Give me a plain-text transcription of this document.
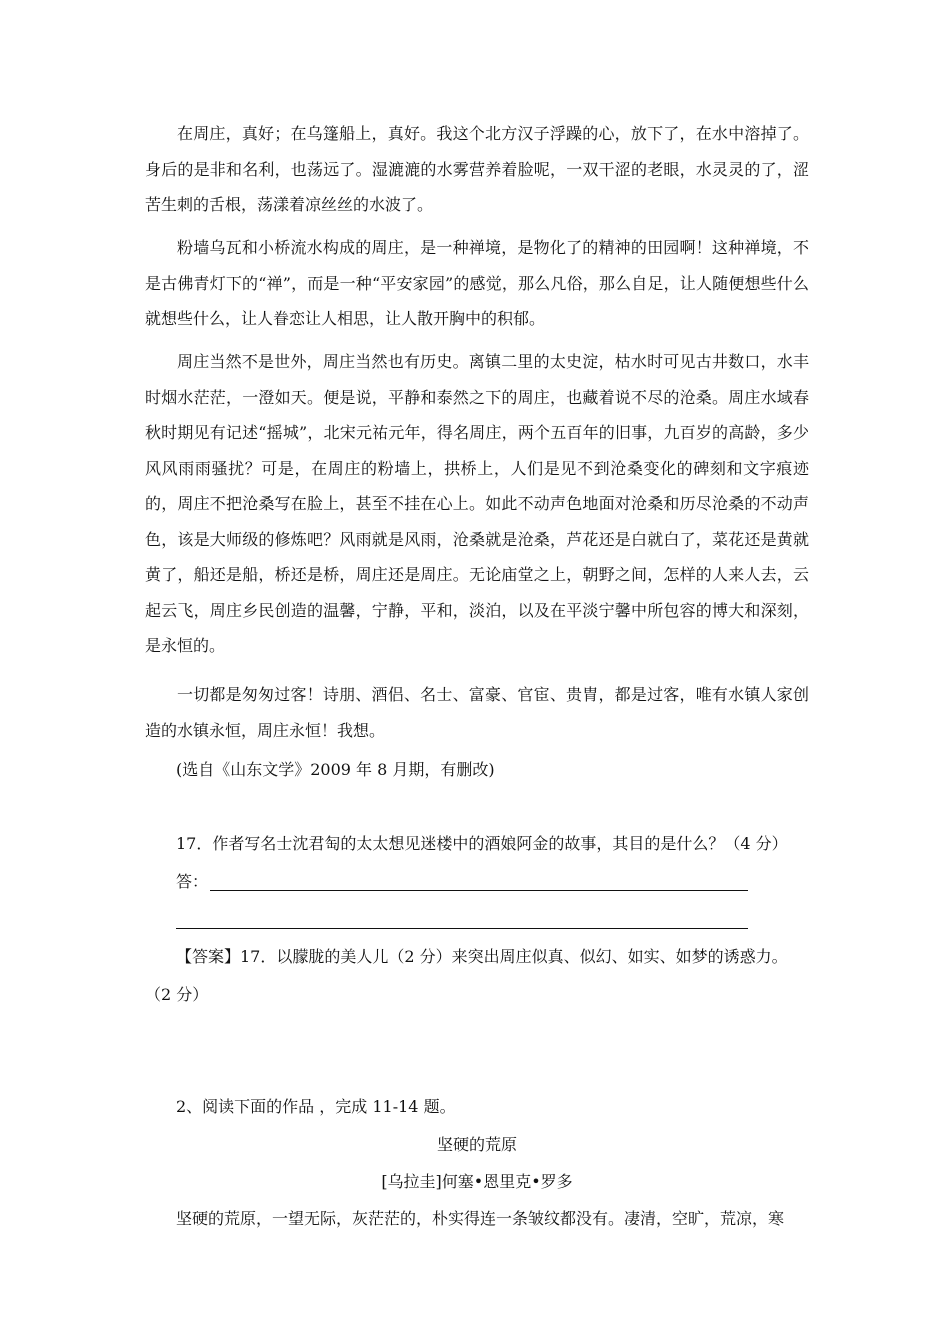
在周庄，真好；在乌篷船上，真好。我这个北方汉子浮躁的心，放下了，在水中溶掉了。身后的是非和名利，也荡远了。湿漉漉的水雾营养着脸呢，一双干涩的老眼，水灵灵的了，涩苦生刺的舌根，荡漾着凉丝丝的水波了。

粉墙乌瓦和小桥流水构成的周庄，是一种禅境，是物化了的精神的田园啊！这种禅境，不是古佛青灯下的“禅”，而是一种“平安家园”的感觉，那么凡俗，那么自足，让人随便想些什么就想些什么，让人眷恋让人相思，让人散开胸中的积郁。

周庄当然不是世外，周庄当然也有历史。离镇二里的太史淀，枯水时可见古井数口，水丰时烟水茫茫，一澄如天。便是说，平静和泰然之下的周庄，也藏着说不尽的沧桑。周庄水域春秋时期见有记述“摇城”，北宋元祐元年，得名周庄，两个五百年的旧事，九百岁的高龄，多少风风雨雨骚扰？可是，在周庄的粉墙上，拱桥上，人们是见不到沧桑变化的碑刻和文字痕迹的，周庄不把沧桑写在脸上，甚至不挂在心上。如此不动声色地面对沧桑和历尽沧桑的不动声色，该是大师级的修炼吧？风雨就是风雨，沧桑就是沧桑，芦花还是白就白了，菜花还是黄就黄了，船还是船，桥还是桥，周庄还是周庄。无论庙堂之上，朝野之间，怎样的人来人去，云起云飞，周庄乡民创造的温馨，宁静，平和，淡泊，以及在平淡宁馨中所包容的博大和深刻，是永恒的。

一切都是匆匆过客！诗朋、酒侣、名士、富豪、官宦、贵胄，都是过客，唯有水镇人家创造的水镇永恒，周庄永恒！我想。

(选自《山东文学》2009 年 8 月期，有删改)

17．作者写名士沈君匋的太太想见迷楼中的酒娘阿金的故事，其目的是什么？（4 分）

答：

【答案】17．以朦胧的美人儿（2 分）来突出周庄似真、似幻、如实、如梦的诱惑力。

（2 分）

2、阅读下面的作品 ，完成 11-14 题。

坚硬的荒原
[乌拉圭]何塞•恩里克•罗多

坚硬的荒原，一望无际，灰茫茫的，朴实得连一条皱纹都没有。凄清，空旷，荒凉，寒
